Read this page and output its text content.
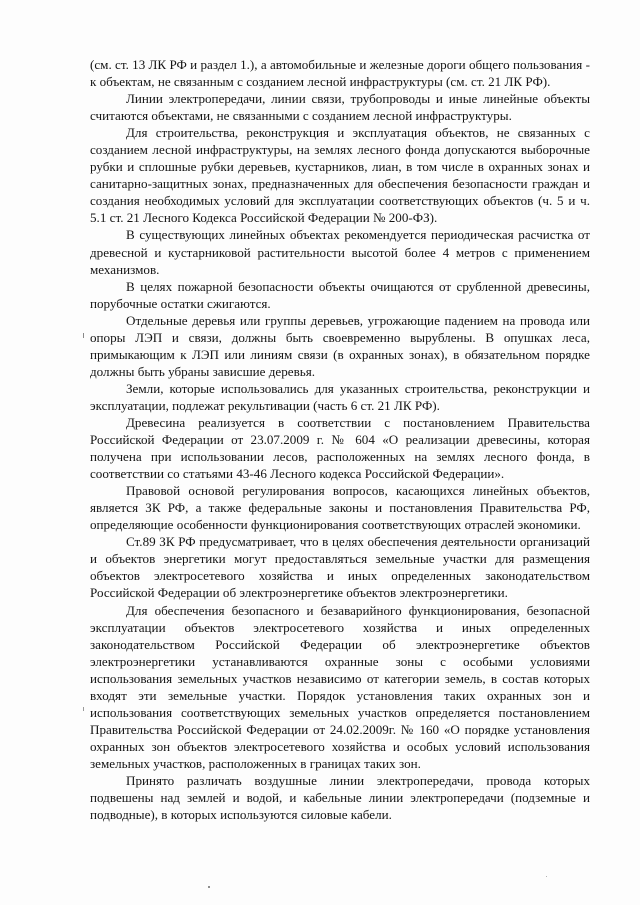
(см. ст. 13 ЛК РФ и раздел 1.), а автомобильные и железные дороги общего пользования - к объектам, не связанным с созданием лесной инфраструктуры (см. ст. 21 ЛК РФ).

Линии электропередачи, линии связи, трубопроводы и иные линейные объекты считаются объектами, не связанными с созданием лесной инфраструктуры.

Для строительства, реконструкция и эксплуатация объектов, не связанных с созданием лесной инфраструктуры, на землях лесного фонда допускаются выборочные рубки и сплошные рубки деревьев, кустарников, лиан, в том числе в охранных зонах и санитарно-защитных зонах, предназначенных для обеспечения безопасности граждан и создания необходимых условий для эксплуатации соответствующих объектов (ч. 5 и ч. 5.1 ст. 21 Лесного Кодекса Российской Федерации № 200-ФЗ).

В существующих линейных объектах рекомендуется периодическая расчистка от древесной и кустарниковой растительности высотой более 4 метров с применением механизмов.

В целях пожарной безопасности объекты очищаются от срубленной древесины, порубочные остатки сжигаются.

Отдельные деревья или группы деревьев, угрожающие падением на провода или опоры ЛЭП и связи, должны быть своевременно вырублены. В опушках леса, примыкающим к ЛЭП или линиям связи (в охранных зонах), в обязательном порядке должны быть убраны зависшие деревья.

Земли, которые использовались для указанных строительства, реконструкции и эксплуатации, подлежат рекультивации (часть 6 ст. 21 ЛК РФ).

Древесина реализуется в соответствии с постановлением Правительства Российской Федерации от 23.07.2009 г. № 604 «О реализации древесины, которая получена при использовании лесов, расположенных на землях лесного фонда, в соответствии со статьями 43-46 Лесного кодекса Российской Федерации».

Правовой основой регулирования вопросов, касающихся линейных объектов, является ЗК РФ, а также федеральные законы и постановления Правительства РФ, определяющие особенности функционирования соответствующих отраслей экономики.

Ст.89 ЗК РФ предусматривает, что в целях обеспечения деятельности организаций и объектов энергетики могут предоставляться земельные участки для размещения объектов электросетевого хозяйства и иных определенных законодательством Российской Федерации об электроэнергетике объектов электроэнергетики.

Для обеспечения безопасного и безаварийного функционирования, безопасной эксплуатации объектов электросетевого хозяйства и иных определенных законодательством Российской Федерации об электроэнергетике объектов электроэнергетики устанавливаются охранные зоны с особыми условиями использования земельных участков независимо от категории земель, в состав которых входят эти земельные участки. Порядок установления таких охранных зон и использования соответствующих земельных участков определяется постановлением Правительства Российской Федерации от 24.02.2009г. № 160 «О порядке установления охранных зон объектов электросетевого хозяйства и особых условий использования земельных участков, расположенных в границах таких зон.

Принято различать воздушные линии электропередачи, провода которых подвешены над землей и водой, и кабельные линии электропередачи (подземные и подводные), в которых используются силовые кабели.
